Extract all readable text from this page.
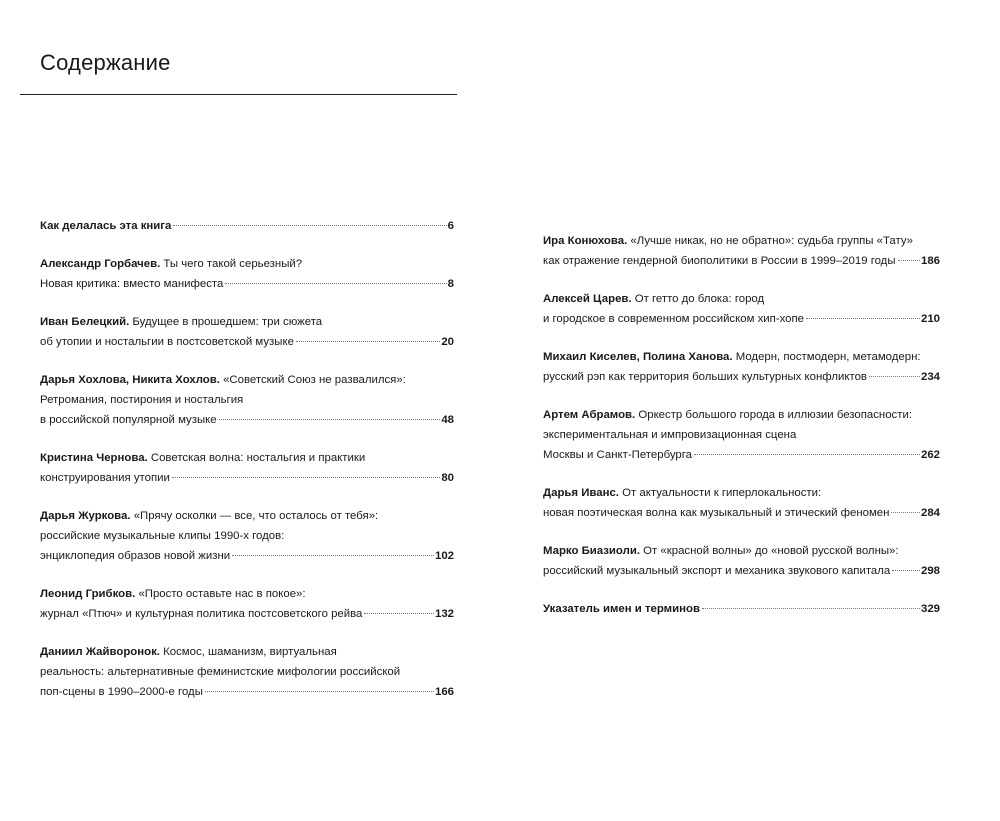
Содержание
Как делалась эта книга	6
Александр Горбачев. Ты чего такой серьезный?
Новая критика: вместо манифеста	8
Иван Белецкий. Будущее в прошедшем: три сюжета
об утопии и ностальгии в постсоветской музыке	20
Дарья Хохлова, Никита Хохлов. «Советский Союз не развалился»:
Ретромания, постирония и ностальгия
в российской популярной музыке	48
Кристина Чернова. Советская волна: ностальгия и практики
конструирования утопии	80
Дарья Журкова. «Прячу осколки — все, что осталось от тебя»:
российские музыкальные клипы 1990-х годов:
энциклопедия образов новой жизни	102
Леонид Грибков. «Просто оставьте нас в покое»:
журнал «Птюч» и культурная политика постсоветского рейва	132
Даниил Жайворонок. Космос, шаманизм, виртуальная
реальность: альтернативные феминистские мифологии российской
поп-сцены в 1990–2000-е годы	166
Ира Конюхова. «Лучше никак, но не обратно»: судьба группы «Тату»
как отражение гендерной биополитики в России в 1999–2019 годы 186
Алексей Царев. От гетто до блока: город
и городское в современном российском хип-хопе	210
Михаил Киселев, Полина Ханова. Модерн, постмодерн, метамодерн:
русский рэп как территория больших культурных конфликтов	234
Артем Абрамов. Оркестр большого города в иллюзии безопасности:
экспериментальная и импровизационная сцена
Москвы и Санкт-Петербурга	262
Дарья Иванс. От актуальности к гиперлокальности:
новая поэтическая волна как музыкальный и этический феномен	284
Марко Биазиоли. От «красной волны» до «новой русской волны»:
российский музыкальный экспорт и механика звукового капитала	298
Указатель имен и терминов	329
